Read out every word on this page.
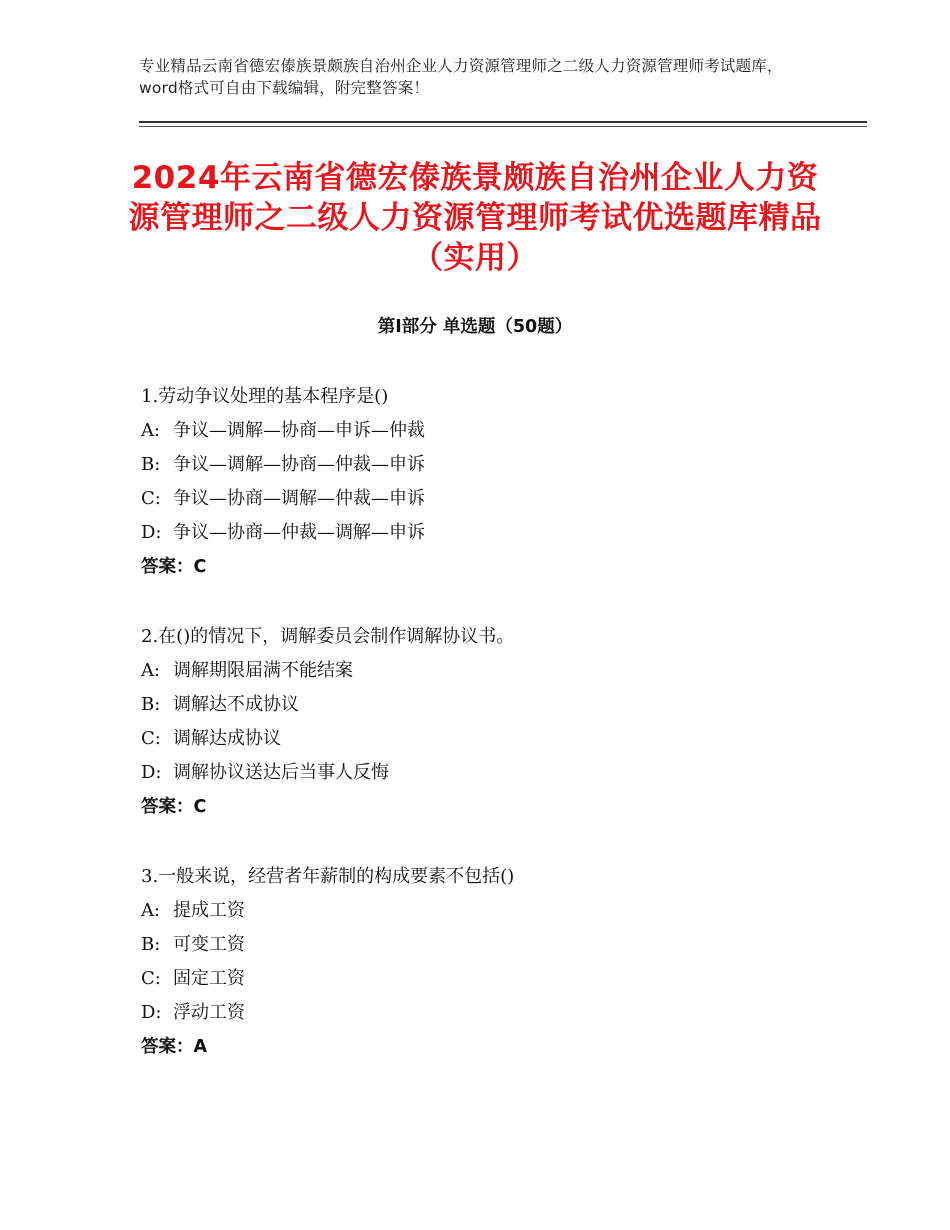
专业精品云南省德宏傣族景颇族自治州企业人力资源管理师之二级人力资源管理师考试题库，word格式可自由下载编辑，附完整答案！
2024年云南省德宏傣族景颇族自治州企业人力资源管理师之二级人力资源管理师考试优选题库精品（实用）
第Ⅰ部分 单选题（50题）
1.劳动争议处理的基本程序是()
A: 争议—调解—协商—申诉—仲裁
B: 争议—调解—协商—仲裁—申诉
C: 争议—协商—调解—仲裁—申诉
D: 争议—协商—仲裁—调解—申诉
答案：C
2.在()的情况下，调解委员会制作调解协议书。
A: 调解期限届满不能结案
B: 调解达不成协议
C: 调解达成协议
D: 调解协议送达后当事人反悔
答案：C
3.一般来说，经营者年薪制的构成要素不包括()
A: 提成工资
B: 可变工资
C: 固定工资
D: 浮动工资
答案：A
